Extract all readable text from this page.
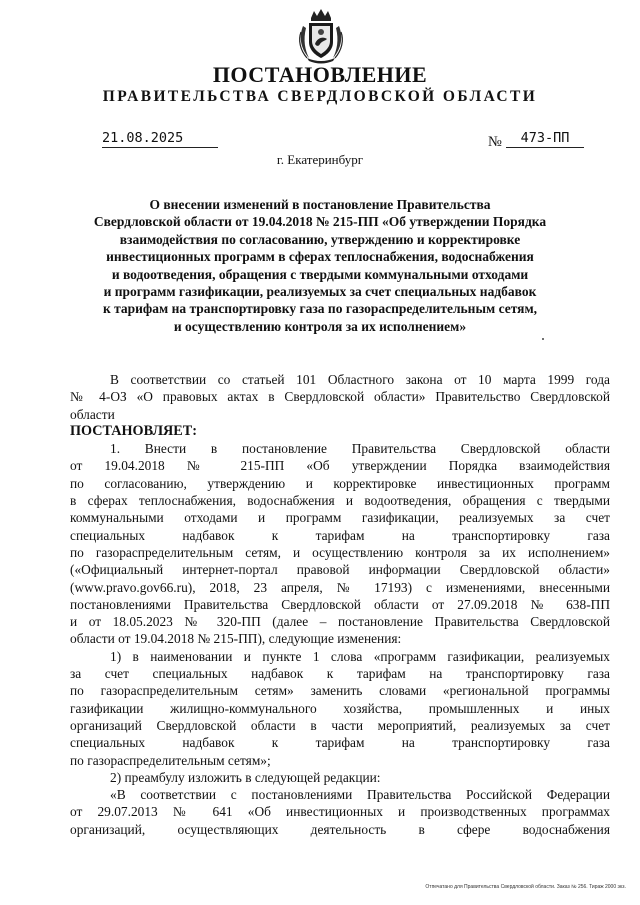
ПОСТАНОВЛЕНИЕ
ПРАВИТЕЛЬСТВА СВЕРДЛОВСКОЙ ОБЛАСТИ
21.08.2025	№	473-ПП
г. Екатеринбург
О внесении изменений в постановление Правительства
Свердловской области от 19.04.2018 № 215-ПП «Об утверждении Порядка
взаимодействия по согласованию, утверждению и корректировке
инвестиционных программ в сферах теплоснабжения, водоснабжения
и водоотведения, обращения с твердыми коммунальными отходами
и программ газификации, реализуемых за счет специальных надбавок
к тарифам на транспортировку газа по газораспределительным сетям,
и осуществлению контроля за их исполнением»
В соответствии со статьей 101 Областного закона от 10 марта 1999 года
№ 4-ОЗ «О правовых актах в Свердловской области» Правительство Свердловской
области
ПОСТАНОВЛЯЕТ:
1. Внести в постановление Правительства Свердловской области
от 19.04.2018 № 215-ПП «Об утверждении Порядка взаимодействия
по согласованию, утверждению и корректировке инвестиционных программ
в сферах теплоснабжения, водоснабжения и водоотведения, обращения с твердыми
коммунальными отходами и программ газификации, реализуемых за счет
специальных надбавок к тарифам на транспортировку газа
по газораспределительным сетям, и осуществлению контроля за их исполнением»
(«Официальный интернет-портал правовой информации Свердловской области»
(www.pravo.gov66.ru), 2018, 23 апреля, № 17193) с изменениями, внесенными
постановлениями Правительства Свердловской области от 27.09.2018 № 638-ПП
и от 18.05.2023 № 320-ПП (далее – постановление Правительства Свердловской
области от 19.04.2018 № 215-ПП), следующие изменения:
1) в наименовании и пункте 1 слова «программ газификации, реализуемых
за счет специальных надбавок к тарифам на транспортировку газа
по газораспределительным сетям» заменить словами «региональной программы
газификации жилищно-коммунального хозяйства, промышленных и иных
организаций Свердловской области в части мероприятий, реализуемых за счет
специальных надбавок к тарифам на транспортировку газа
по газораспределительным сетям»;
2) преамбулу изложить в следующей редакции:
«В соответствии с постановлениями Правительства Российской Федерации
от 29.07.2013 № 641 «Об инвестиционных и производственных программах
организаций, осуществляющих деятельность в сфере водоснабжения
Отпечатано для Правительства Свердловской области. Заказ № 256. Тираж 2000 экз.
